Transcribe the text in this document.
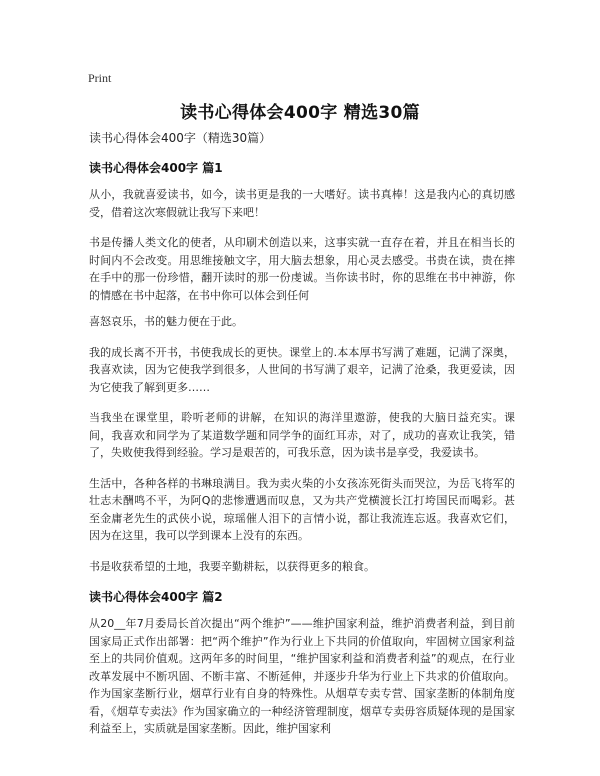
Print
读书心得体会400字 精选30篇
读书心得体会400字（精选30篇）
读书心得体会400字 篇1

从小，我就喜爱读书，如今，读书更是我的一大嗜好。读书真棒！这是我内心的真切感受，借着这次寒假就让我写下来吧！

书是传播人类文化的使者，从印刷术创造以来，这事实就一直存在着，并且在相当长的时间内不会改变。用思维接触文字，用大脑去想象，用心灵去感受。书贵在读，贵在摔在手中的那一份珍惜，翻开读时的那一份虔诚。当你读书时，你的思维在书中神游，你的情感在书中起落，在书中你可以体会到任何

喜怒哀乐，书的魅力便在于此。

我的成长离不开书，书使我成长的更快。课堂上的.本本厚书写满了难题，记满了深奥，我喜欢读，因为它使我学到很多，人世间的书写满了艰辛，记满了沧桑，我更爱读，因为它使我了解到更多……

当我坐在课堂里，聆听老师的讲解，在知识的海洋里遨游，使我的大脑日益充实。课间，我喜欢和同学为了某道数学题和同学争的面红耳赤，对了，成功的喜欢让我笑，错了，失败使我得到经验。学习是艰苦的，可我乐意，因为读书是享受，我爱读书。

生活中，各种各样的书琳琅满目。我为卖火柴的小女孩冻死街头而哭泣，为岳飞将军的壮志未酬鸣不平，为阿Q的悲惨遭遇而叹息，又为共产党横渡长江打垮国民而喝彩。甚至金庸老先生的武侠小说，琼瑶催人泪下的言情小说，都让我流连忘返。我喜欢它们，因为在这里，我可以学到课本上没有的东西。

书是收获希望的土地，我要辛勤耕耘，以获得更多的粮食。

读书心得体会400字 篇2

从20__年7月委局长首次提出“两个维护”——维护国家利益，维护消费者利益，到目前国家局正式作出部署：把“两个维护”作为行业上下共同的价值取向，牢固树立国家利益至上的共同价值观。这两年多的时间里，“维护国家利益和消费者利益”的观点，在行业改革发展中不断巩固、不断丰富、不断延伸，并逐步升华为行业上下共求的价值取向。作为国家垄断行业，烟草行业有自身的特殊性。从烟草专卖专营、国家垄断的体制角度看，《烟草专卖法》作为国家确立的一种经济管理制度，烟草专卖毋容质疑体现的是国家利益至上，实质就是国家垄断。因此，维护国家利
